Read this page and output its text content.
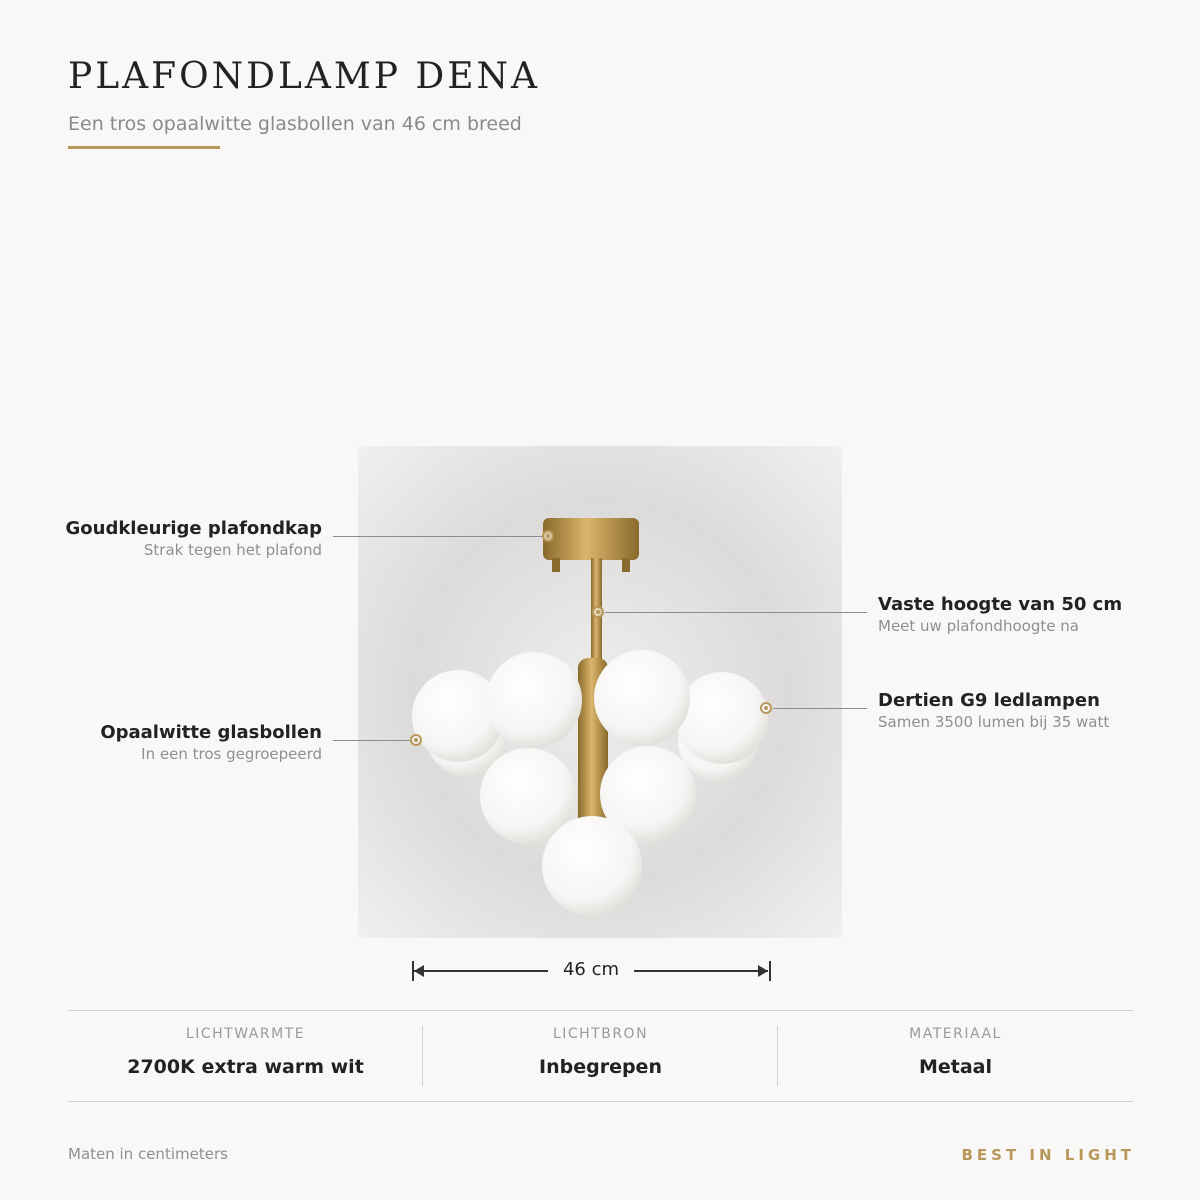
PLAFONDLAMP DENA
Een tros opaalwitte glasbollen van 46 cm breed
Goudkleurige plafondkap
Strak tegen het plafond
Opaalwitte glasbollen
In een tros gegroepeerd
Vaste hoogte van 50 cm
Meet uw plafondhoogte na
Dertien G9 ledlampen
Samen 3500 lumen bij 35 watt
46 cm
LICHTWARMTE
2700K extra warm wit
LICHTBRON
Inbegrepen
MATERIAAL
Metaal
Maten in centimeters	BEST IN LIGHT
